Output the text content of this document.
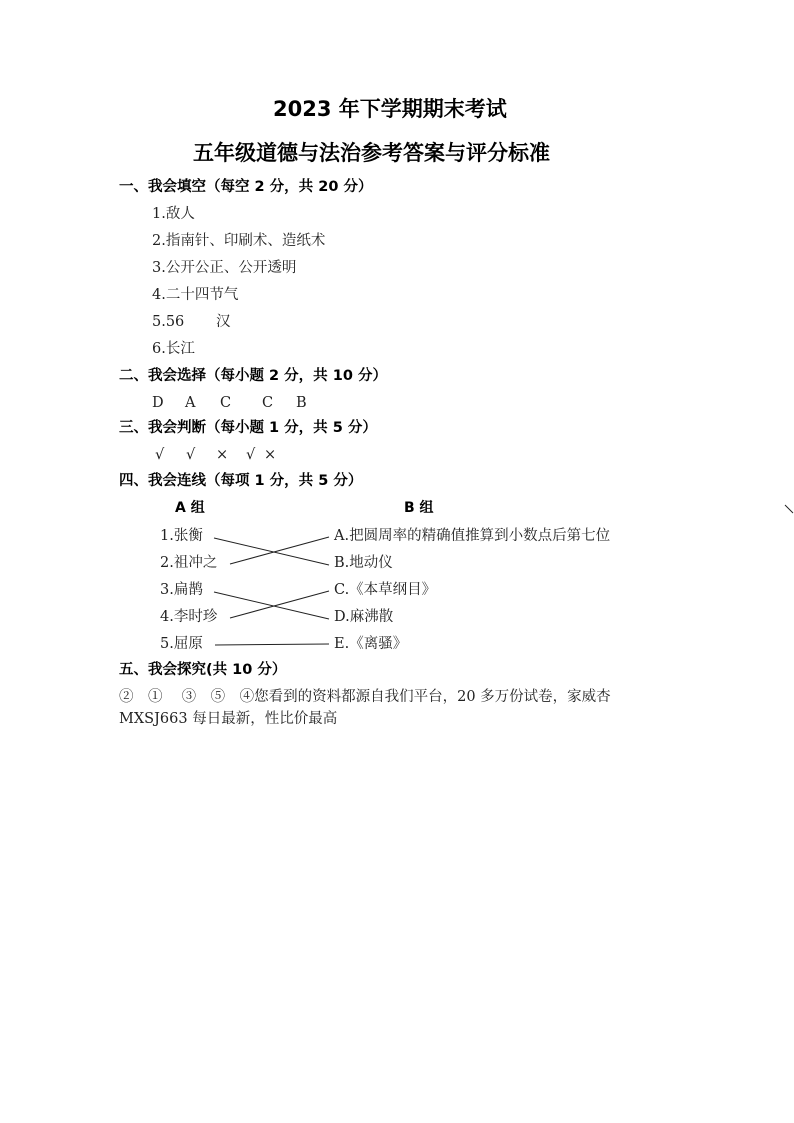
2023 年下学期期末考试
五年级道德与法治参考答案与评分标准
一、我会填空（每空 2 分，共 20 分）
1.敌人
2.指南针、印刷术、造纸术
3.公开公正、公开透明
4.二十四节气
5.56 汉
6.长江
二、我会选择（每小题 2 分，共 10 分）
D A C C B
三、我会判断（每小题 1 分，共 5 分）
√ √ × √ ×
四、我会连线（每项 1 分，共 5 分）
A 组	B 组
1.张衡
2.祖冲之
3.扁鹊
4.李时珍
5.屈原
A.把圆周率的精确值推算到小数点后第七位
B.地动仪
C.《本草纲目》
D.麻沸散
E.《离骚》
五、我会探究(共 10 分）
②　①　 ③　⑤　④您看到的资料都源自我们平台，20 多万份试卷，家威杏
MXSJ663 每日最新，性比价最高
